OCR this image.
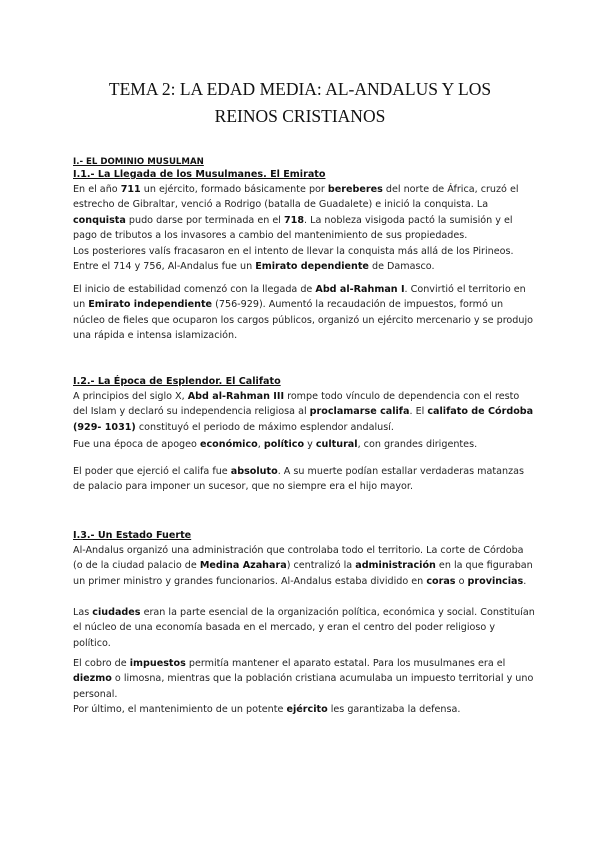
TEMA 2: LA EDAD MEDIA: AL-ANDALUS Y LOS
REINOS CRISTIANOS
I.- EL DOMINIO MUSULMAN
I.1.- La Llegada de los Musulmanes. El Emirato

En el año 711 un ejército, formado básicamente por bereberes del norte de África, cruzó el estrecho de Gibraltar, venció a Rodrigo (batalla de Guadalete) e inició la conquista. La conquista pudo darse por terminada en el 718. La nobleza visigoda pactó la sumisión y el pago de tributos a los invasores a cambio del mantenimiento de sus propiedades.

Los posteriores valís fracasaron en el intento de llevar la conquista más allá de los Pirineos. Entre el 714 y 756, Al-Andalus fue un Emirato dependiente de Damasco.

El inicio de estabilidad comenzó con la llegada de Abd al-Rahman I. Convirtió el territorio en un Emirato independiente (756-929). Aumentó la recaudación de impuestos, formó un núcleo de fieles que ocuparon los cargos públicos, organizó un ejército mercenario y se produjo una rápida e intensa islamización.

I.2.- La Época de Esplendor. El Califato

A principios del siglo X, Abd al-Rahman III rompe todo vínculo de dependencia con el resto del Islam y declaró su independencia religiosa al proclamarse califa. El califato de Córdoba (929- 1031) constituyó el periodo de máximo esplendor andalusí.

Fue una época de apogeo económico, político y cultural, con grandes dirigentes.

El poder que ejerció el califa fue absoluto. A su muerte podían estallar verdaderas matanzas de palacio para imponer un sucesor, que no siempre era el hijo mayor.

I.3.- Un Estado Fuerte

Al-Andalus organizó una administración que controlaba todo el territorio. La corte de Córdoba (o de la ciudad palacio de Medina Azahara) centralizó la administración en la que figuraban un primer ministro y grandes funcionarios. Al-Andalus estaba dividido en coras o provincias.

Las ciudades eran la parte esencial de la organización política, económica y social. Constituían el núcleo de una economía basada en el mercado, y eran el centro del poder religioso y político.

El cobro de impuestos permitía mantener el aparato estatal. Para los musulmanes era el diezmo o limosna, mientras que la población cristiana acumulaba un impuesto territorial y uno personal.

Por último, el mantenimiento de un potente ejército les garantizaba la defensa.
